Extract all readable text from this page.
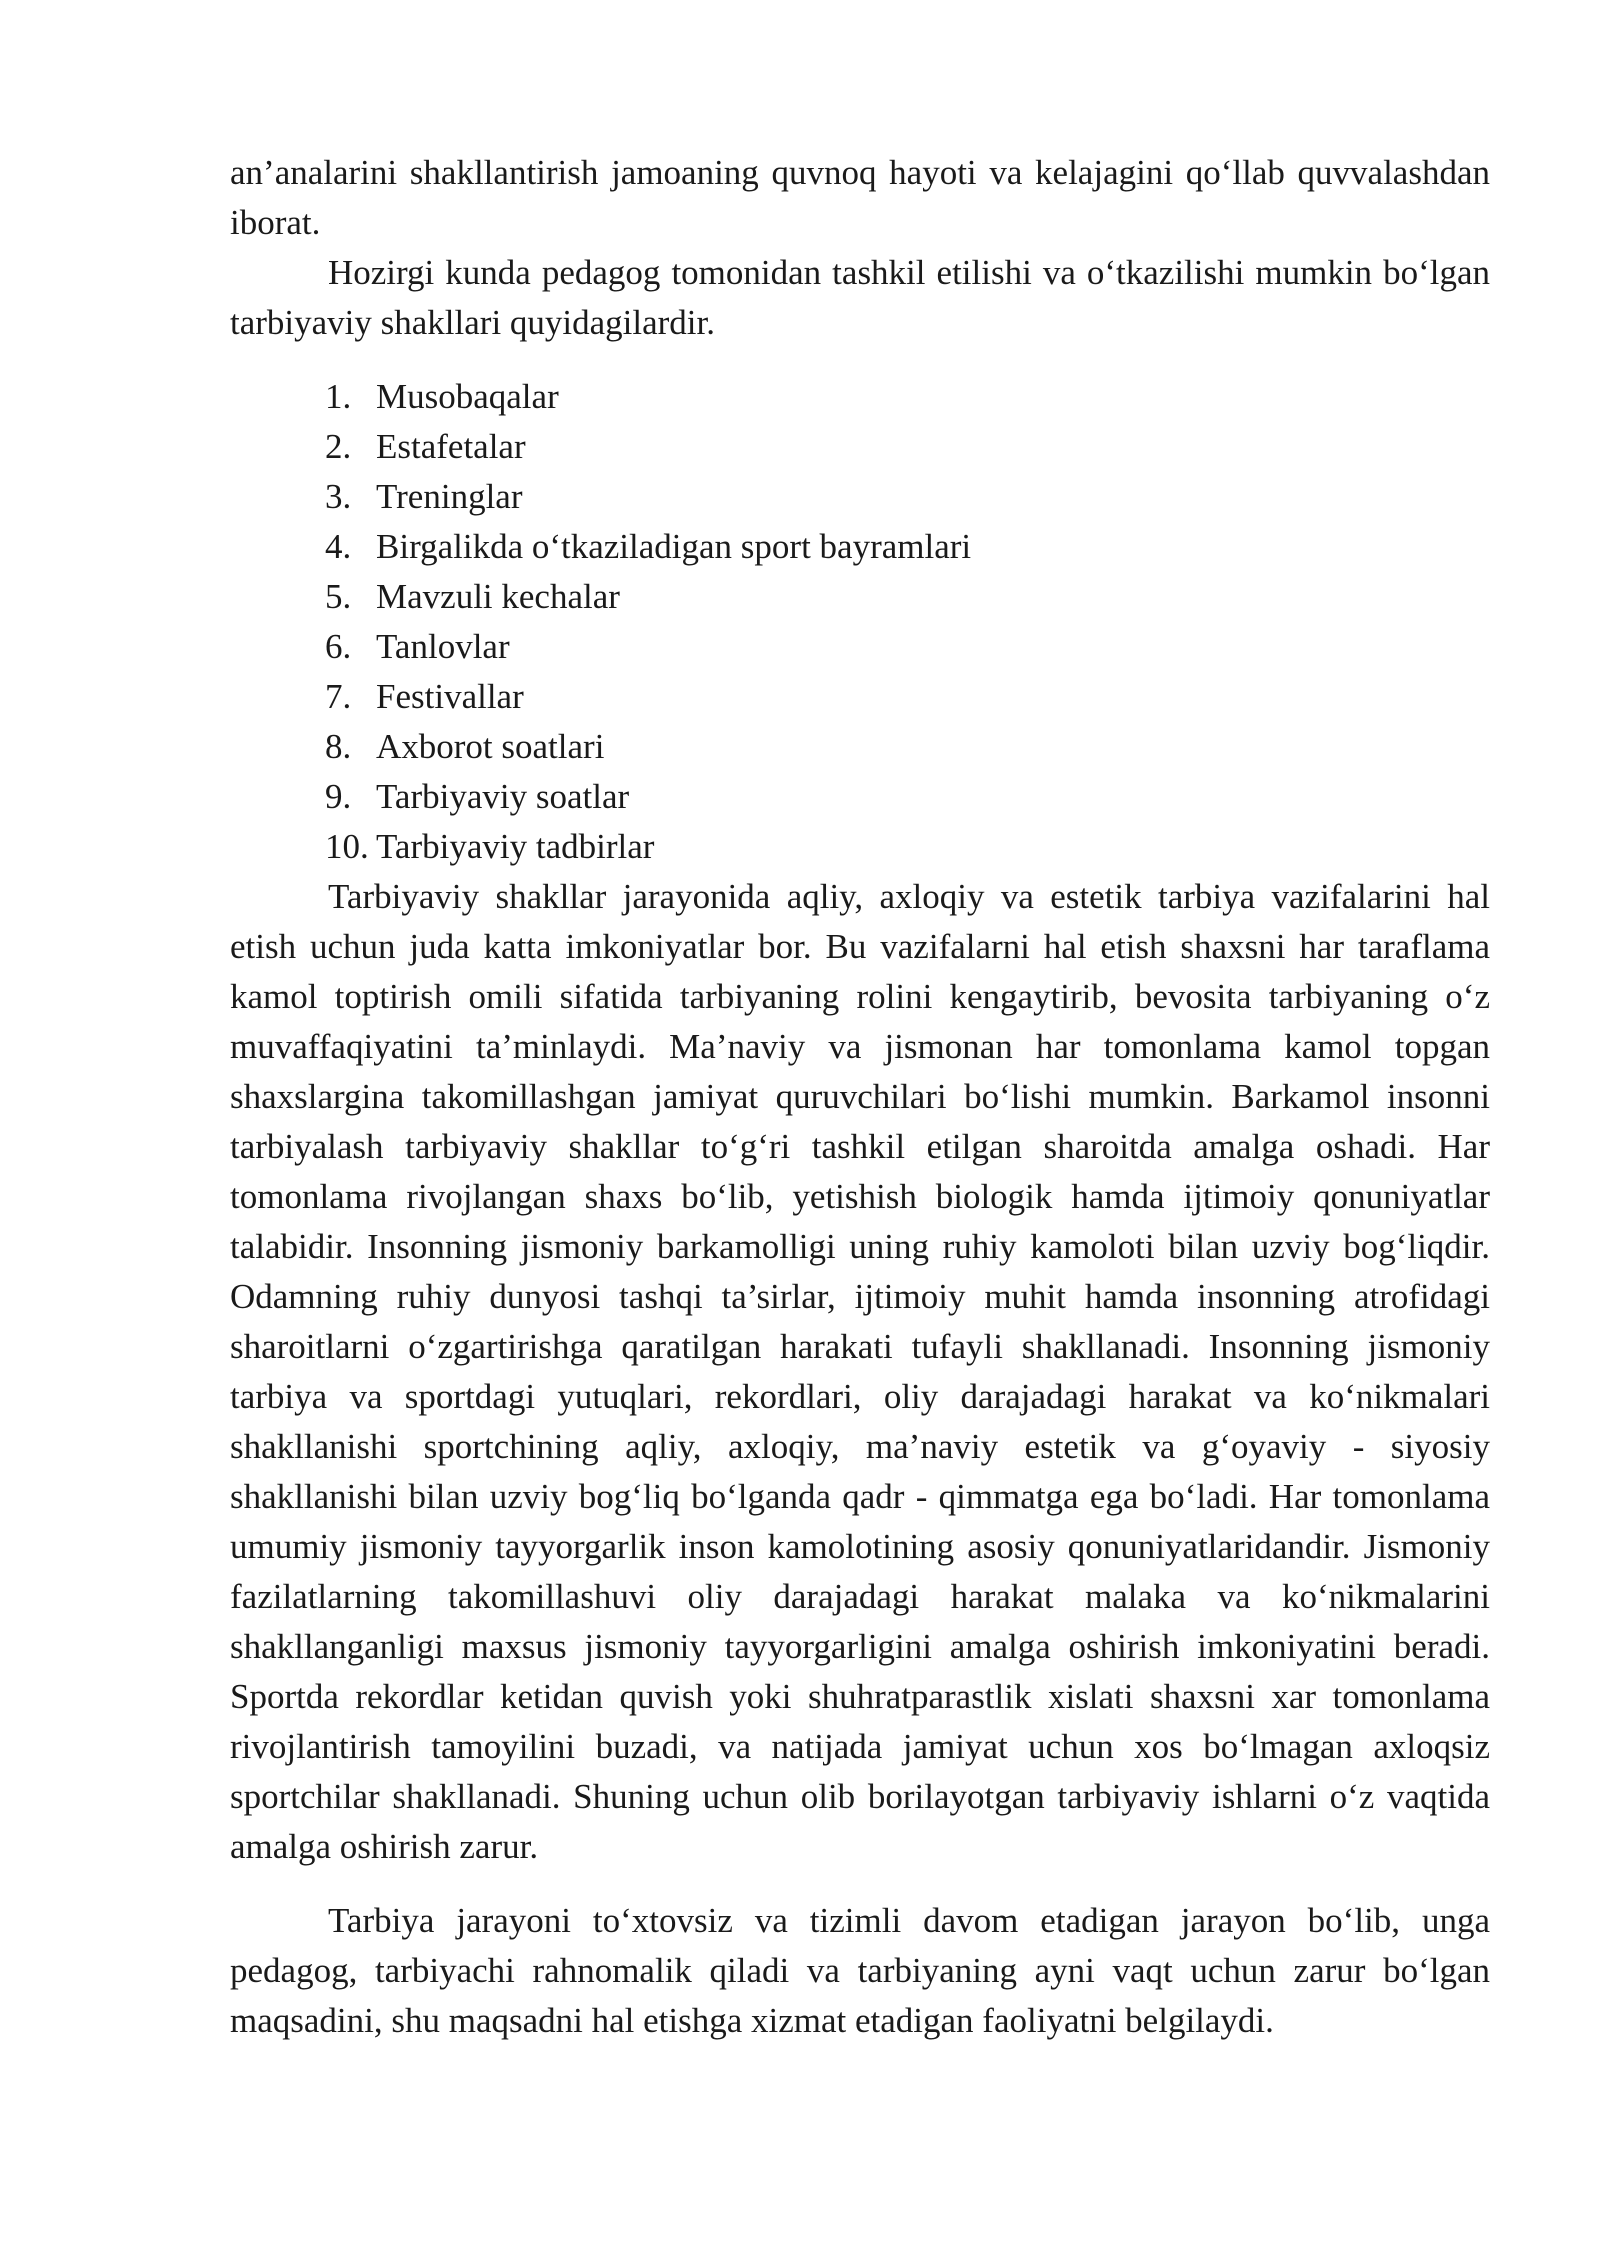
an’analarini shakllantirish jamoaning quvnoq hayoti va kelajagini qo‘llab quvvalashdan iborat.

Hozirgi kunda pedagog tomonidan tashkil etilishi va o‘tkazilishi mumkin bo‘lgan tarbiyaviy shakllari quyidagilardir.

1. Musobaqalar
2. Estafetalar
3. Treninglar
4. Birgalikda o‘tkaziladigan sport bayramlari
5. Mavzuli kechalar
6. Tanlovlar
7. Festivallar
8. Axborot soatlari
9. Tarbiyaviy soatlar
10. Tarbiyaviy tadbirlar

Tarbiyaviy shakllar jarayonida aqliy, axloqiy va estetik tarbiya vazifalarini hal etish uchun juda katta imkoniyatlar bor. Bu vazifalarni hal etish shaxsni har taraflama kamol toptirish omili sifatida tarbiyaning rolini kengaytirib, bevosita tarbiyaning o‘z muvaffaqiyatini ta’minlaydi. Ma’naviy va jismonan har tomonlama kamol topgan shaxslargina takomillashgan jamiyat quruvchilari bo‘lishi mumkin. Barkamol insonni tarbiyalash tarbiyaviy shakllar to‘g‘ri tashkil etilgan sharoitda amalga oshadi. Har tomonlama rivojlangan shaxs bo‘lib, yetishish biologik hamda ijtimoiy qonuniyatlar talabidir. Insonning jismoniy barkamolligi uning ruhiy kamoloti bilan uzviy bog‘liqdir. Odamning ruhiy dunyosi tashqi ta’sirlar, ijtimoiy muhit hamda insonning atrofidagi sharoitlarni o‘zgartirishga qaratilgan harakati tufayli shakllanadi. Insonning jismoniy tarbiya va sportdagi yutuqlari, rekordlari, oliy darajadagi harakat va ko‘nikmalari shakllanishi sportchining aqliy, axloqiy, ma’naviy estetik va g‘oyaviy - siyosiy shakllanishi bilan uzviy bog‘liq bo‘lganda qadr - qimmatga ega bo‘ladi. Har tomonlama umumiy jismoniy tayyorgarlik inson kamolotining asosiy qonuniyatlaridandir. Jismoniy fazilatlarning takomillashuvi oliy darajadagi harakat malaka va ko‘nikmalarini shakllanganligi maxsus jismoniy tayyorgarligini amalga oshirish imkoniyatini beradi. Sportda rekordlar ketidan quvish yoki shuhratparastlik xislati shaxsni xar tomonlama rivojlantirish tamoyilini buzadi, va natijada jamiyat uchun xos bo‘lmagan axloqsiz sportchilar shakllanadi. Shuning uchun olib borilayotgan tarbiyaviy ishlarni o‘z vaqtida amalga oshirish zarur.

Tarbiya jarayoni to‘xtovsiz va tizimli davom etadigan jarayon bo‘lib, unga pedagog, tarbiyachi rahnomalik qiladi va tarbiyaning ayni vaqt uchun zarur bo‘lgan maqsadini, shu maqsadni hal etishga xizmat etadigan faoliyatni belgilaydi.
